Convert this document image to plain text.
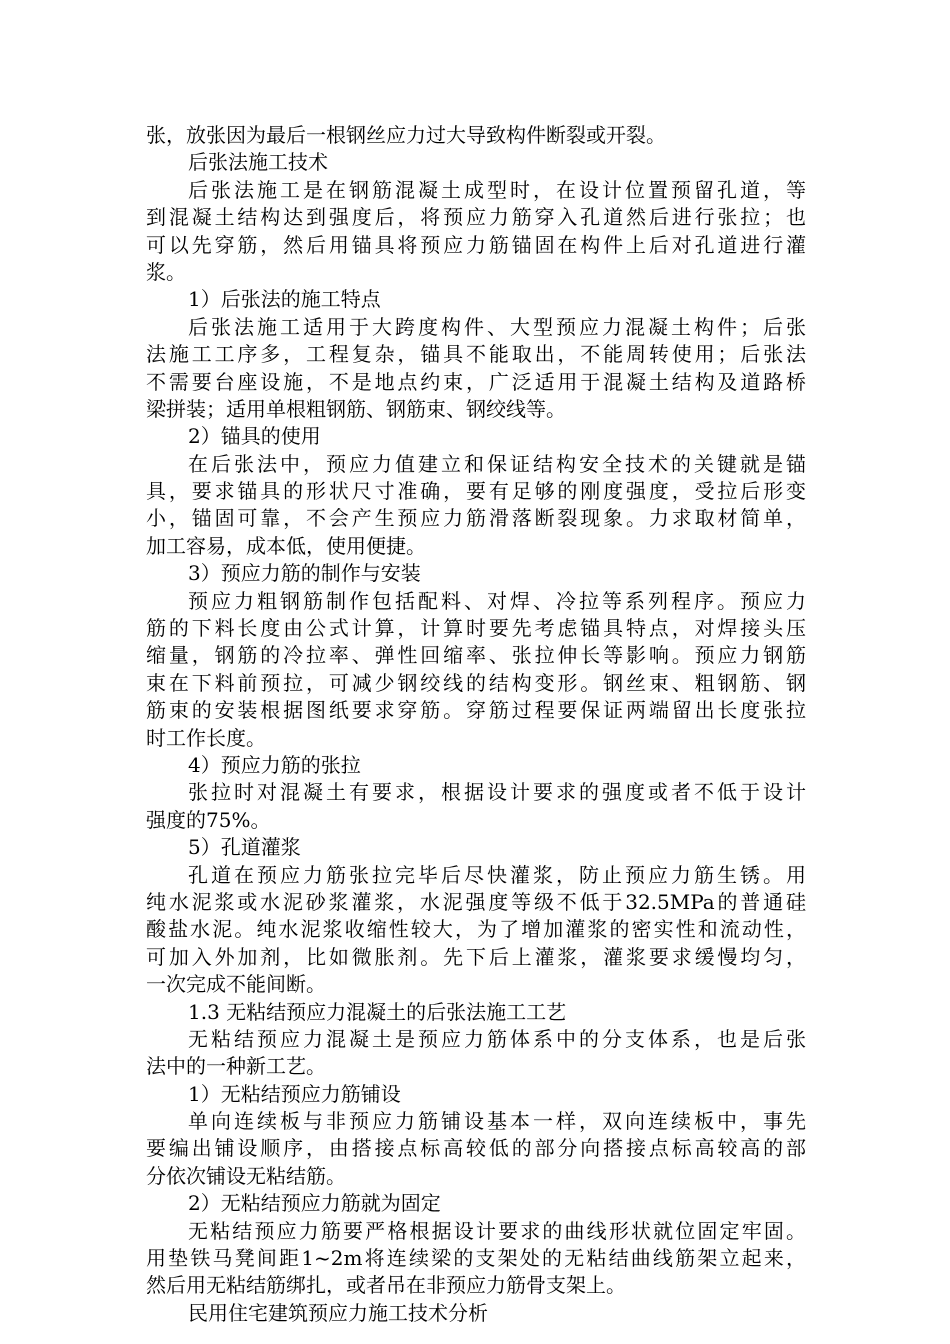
张，放张因为最后一根钢丝应力过大导致构件断裂或开裂。
后张法施工技术
后张法施工是在钢筋混凝土成型时，在设计位置预留孔道，等
到混凝土结构达到强度后，将预应力筋穿入孔道然后进行张拉；也
可以先穿筋，然后用锚具将预应力筋锚固在构件上后对孔道进行灌
浆。
1）后张法的施工特点
后张法施工适用于大跨度构件、大型预应力混凝土构件；后张
法施工工序多，工程复杂，锚具不能取出，不能周转使用；后张法
不需要台座设施，不是地点约束，广泛适用于混凝土结构及道路桥
梁拼装；适用单根粗钢筋、钢筋束、钢绞线等。
2）锚具的使用
在后张法中，预应力值建立和保证结构安全技术的关键就是锚
具，要求锚具的形状尺寸准确，要有足够的刚度强度，受拉后形变
小，锚固可靠，不会产生预应力筋滑落断裂现象。力求取材简单，
加工容易，成本低，使用便捷。
3）预应力筋的制作与安装
预应力粗钢筋制作包括配料、对焊、冷拉等系列程序。预应力
筋的下料长度由公式计算，计算时要先考虑锚具特点，对焊接头压
缩量，钢筋的冷拉率、弹性回缩率、张拉伸长等影响。预应力钢筋
束在下料前预拉，可减少钢绞线的结构变形。钢丝束、粗钢筋、钢
筋束的安装根据图纸要求穿筋。穿筋过程要保证两端留出长度张拉
时工作长度。
4）预应力筋的张拉
张拉时对混凝土有要求，根据设计要求的强度或者不低于设计
强度的75%。
5）孔道灌浆
孔道在预应力筋张拉完毕后尽快灌浆，防止预应力筋生锈。用
纯水泥浆或水泥砂浆灌浆，水泥强度等级不低于32.5MPa的普通硅
酸盐水泥。纯水泥浆收缩性较大，为了增加灌浆的密实性和流动性，
可加入外加剂，比如微胀剂。先下后上灌浆，灌浆要求缓慢均匀，
一次完成不能间断。
1.3 无粘结预应力混凝土的后张法施工工艺
无粘结预应力混凝土是预应力筋体系中的分支体系，也是后张
法中的一种新工艺。
1）无粘结预应力筋铺设
单向连续板与非预应力筋铺设基本一样，双向连续板中，事先
要编出铺设顺序，由搭接点标高较低的部分向搭接点标高较高的部
分依次铺设无粘结筋。
2）无粘结预应力筋就为固定
无粘结预应力筋要严格根据设计要求的曲线形状就位固定牢固。
用垫铁马凳间距1~2m将连续梁的支架处的无粘结曲线筋架立起来，
然后用无粘结筋绑扎，或者吊在非预应力筋骨支架上。
民用住宅建筑预应力施工技术分析
